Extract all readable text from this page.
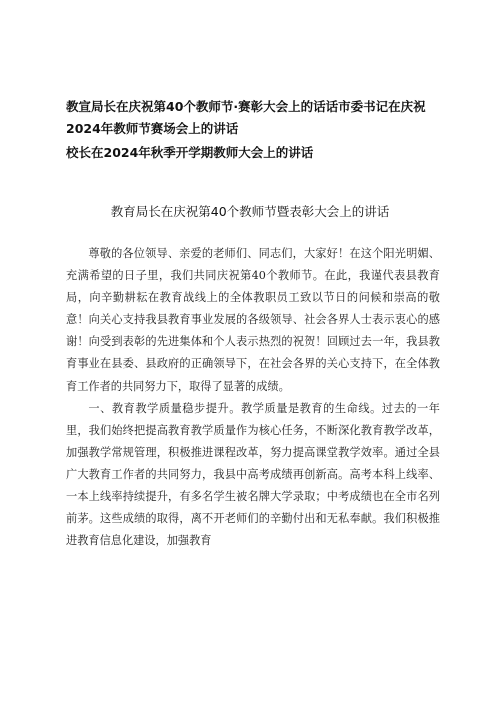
教宣局长在庆祝第40个教师节·赛彰大会上的话话市委书记在庆祝2024年教师节赛场会上的讲话
校长在2024年秋季开学期教师大会上的讲话
教育局长在庆祝第40个教师节暨表彰大会上的讲话

尊敬的各位领导、亲爱的老师们、同志们，大家好！在这个阳光明媚、充满希望的日子里，我们共同庆祝第40个教师节。在此，我谨代表县教育局，向辛勤耕耘在教育战线上的全体教职员工致以节日的问候和崇高的敬意！向关心支持我县教育事业发展的各级领导、社会各界人士表示衷心的感谢！向受到表彰的先进集体和个人表示热烈的祝贺！回顾过去一年，我县教育事业在县委、县政府的正确领导下，在社会各界的关心支持下，在全体教育工作者的共同努力下，取得了显著的成绩。

一、教育教学质量稳步提升。教学质量是教育的生命线。过去的一年里，我们始终把提高教育教学质量作为核心任务，不断深化教育教学改革，加强教学常规管理，积极推进课程改革，努力提高课堂教学效率。通过全县广大教育工作者的共同努力，我县中高考成绩再创新高。高考本科上线率、一本上线率持续提升，有多名学生被名牌大学录取；中考成绩也在全市名列前茅。这些成绩的取得，离不开老师们的辛勤付出和无私奉献。我们积极推进教育信息化建设，加强教育
